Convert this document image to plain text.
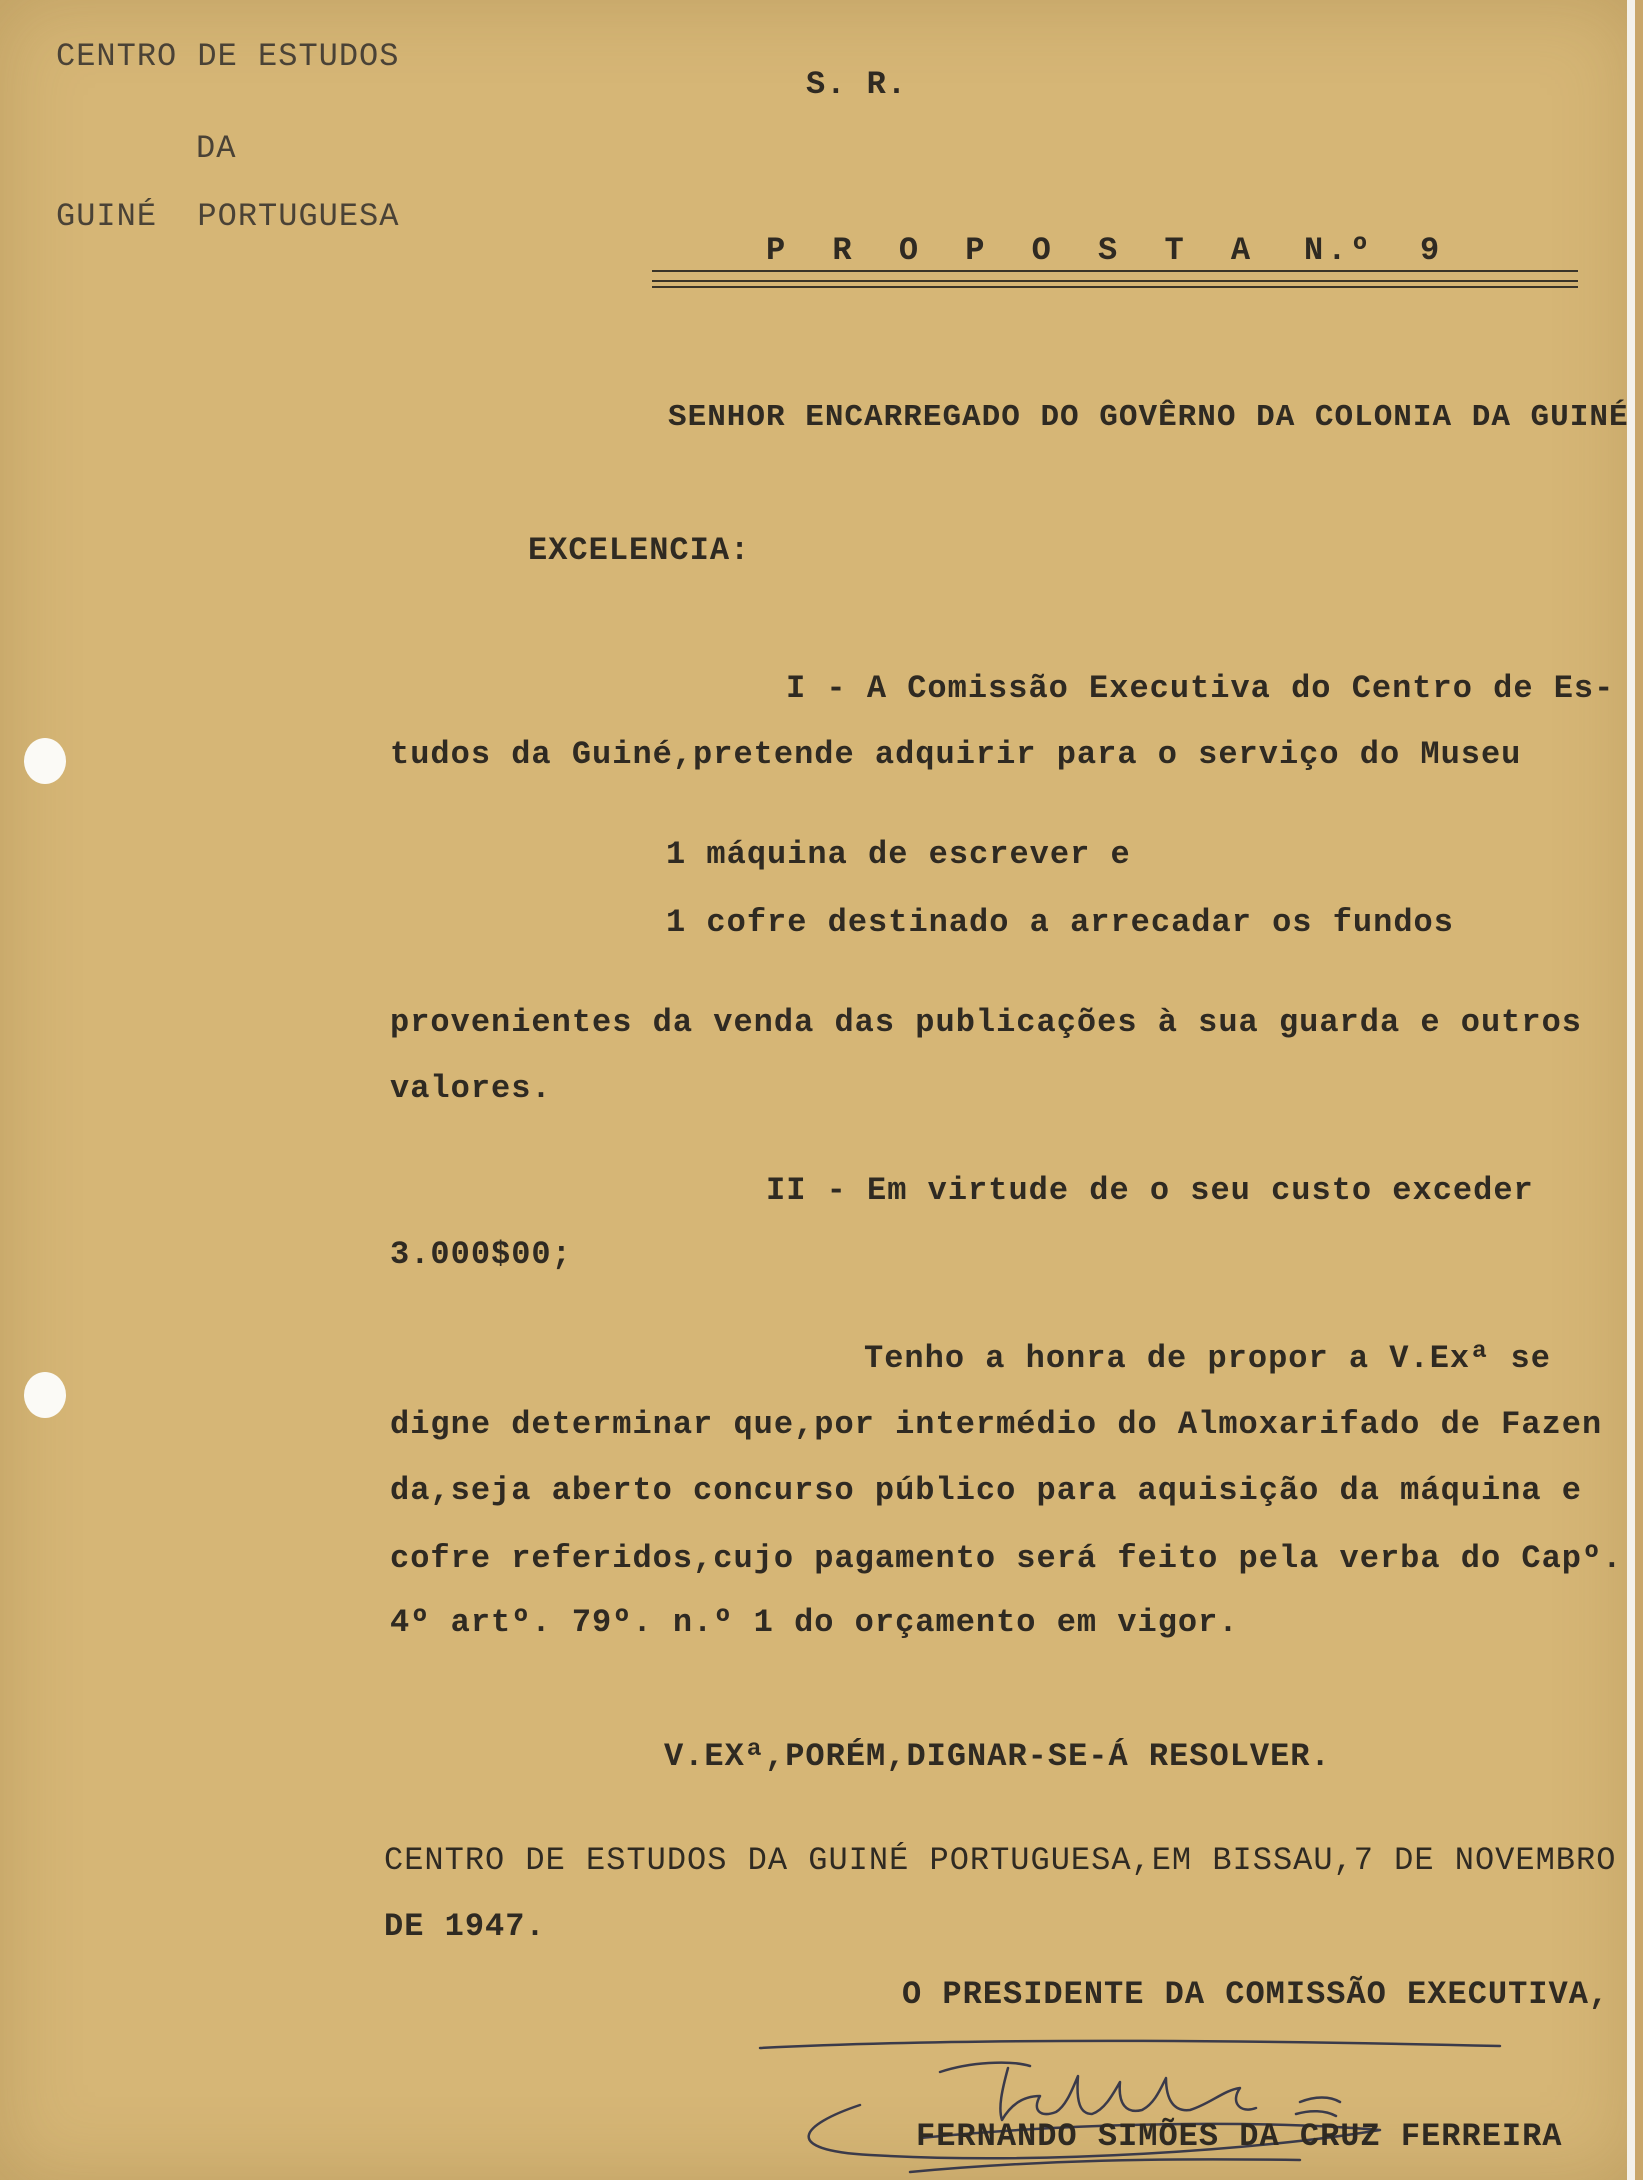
CENTRO DE ESTUDOS
DA
GUINÉ  PORTUGUESA
S. R.
P R O P O S T A N.º  9
SENHOR ENCARREGADO DO GOVÊRNO DA COLONIA DA GUINÉ
EXCELENCIA:
I - A Comissão Executiva do Centro de Es-
tudos da Guiné,pretende adquirir para o serviço do Museu
1 máquina de escrever e
1 cofre destinado a arrecadar os fundos
provenientes da venda das publicações à sua guarda e outros
valores.
II - Em virtude de o seu custo exceder
3.000$00;
Tenho a honra de propor a V.Exª se
digne determinar que,por intermédio do Almoxarifado de Fazen
da,seja aberto concurso público para aquisição da máquina e
cofre referidos,cujo pagamento será feito pela verba do Capº.
4º artº. 79º. n.º 1 do orçamento em vigor.
V.EXª,PORÉM,DIGNAR-SE-Á RESOLVER.
CENTRO DE ESTUDOS DA GUINÉ PORTUGUESA,EM BISSAU,7 DE NOVEMBRO
DE 1947.
O PRESIDENTE DA COMISSÃO EXECUTIVA,
FERNANDO SIMÕES DA CRUZ FERREIRA
